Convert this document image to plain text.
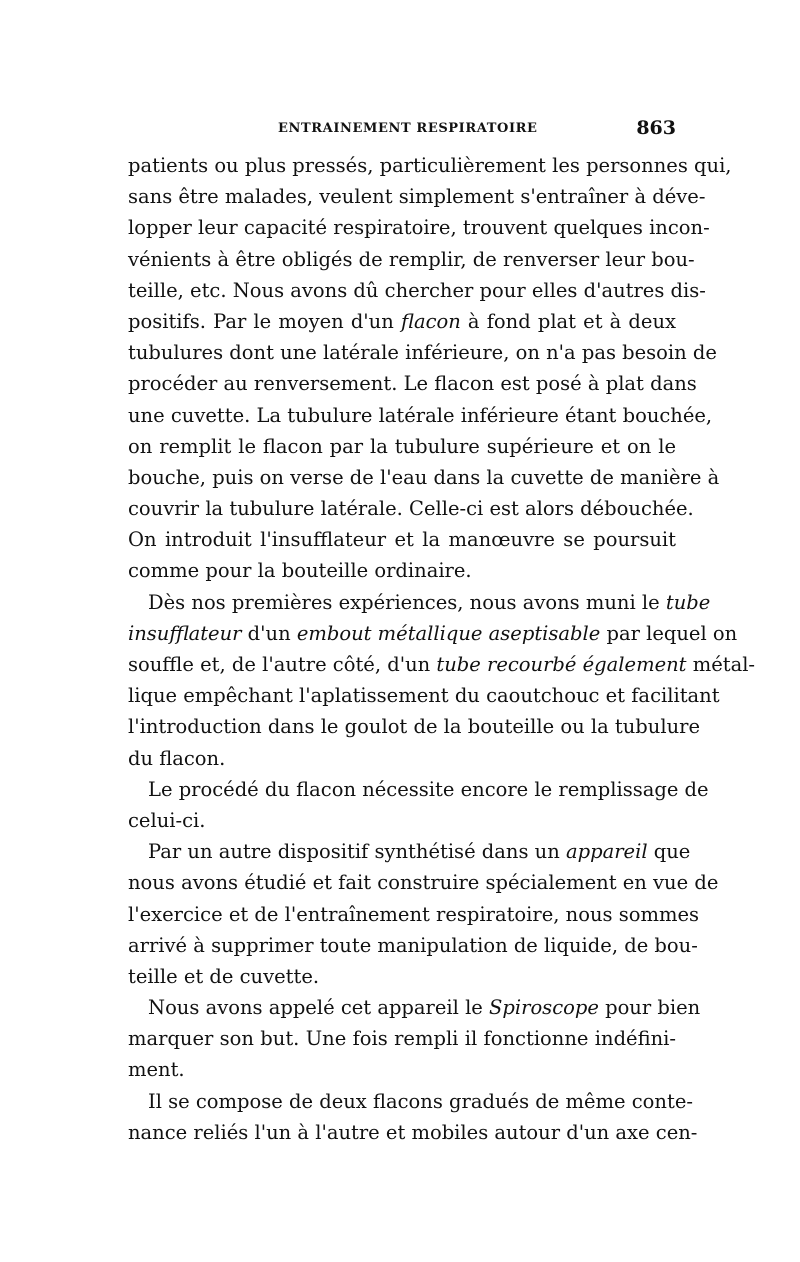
ENTRAINEMENT RESPIRATOIRE	863
patients ou plus pressés, particulièrement les personnes qui,
sans être malades, veulent simplement s'entraîner à déve-
lopper leur capacité respiratoire, trouvent quelques incon-
vénients à être obligés de remplir, de renverser leur bou-
teille, etc. Nous avons dû chercher pour elles d'autres dis-
positifs. Par le moyen d'un flacon à fond plat et à deux
tubulures dont une latérale inférieure, on n'a pas besoin de
procéder au renversement. Le flacon est posé à plat dans
une cuvette. La tubulure latérale inférieure étant bouchée,
on remplit le flacon par la tubulure supérieure et on le
bouche, puis on verse de l'eau dans la cuvette de manière à
couvrir la tubulure latérale. Celle-ci est alors débouchée.
On introduit l'insufflateur et la manœuvre se poursuit
comme pour la bouteille ordinaire.
Dès nos premières expériences, nous avons muni le tube
insufflateur d'un embout métallique aseptisable par lequel on
souffle et, de l'autre côté, d'un tube recourbé également métal-
lique empêchant l'aplatissement du caoutchouc et facilitant
l'introduction dans le goulot de la bouteille ou la tubulure
du flacon.
Le procédé du flacon nécessite encore le remplissage de
celui-ci.
Par un autre dispositif synthétisé dans un appareil que
nous avons étudié et fait construire spécialement en vue de
l'exercice et de l'entraînement respiratoire, nous sommes
arrivé à supprimer toute manipulation de liquide, de bou-
teille et de cuvette.
Nous avons appelé cet appareil le Spiroscope pour bien
marquer son but. Une fois rempli il fonctionne indéfini-
ment.
Il se compose de deux flacons gradués de même conte-
nance reliés l'un à l'autre et mobiles autour d'un axe cen-
